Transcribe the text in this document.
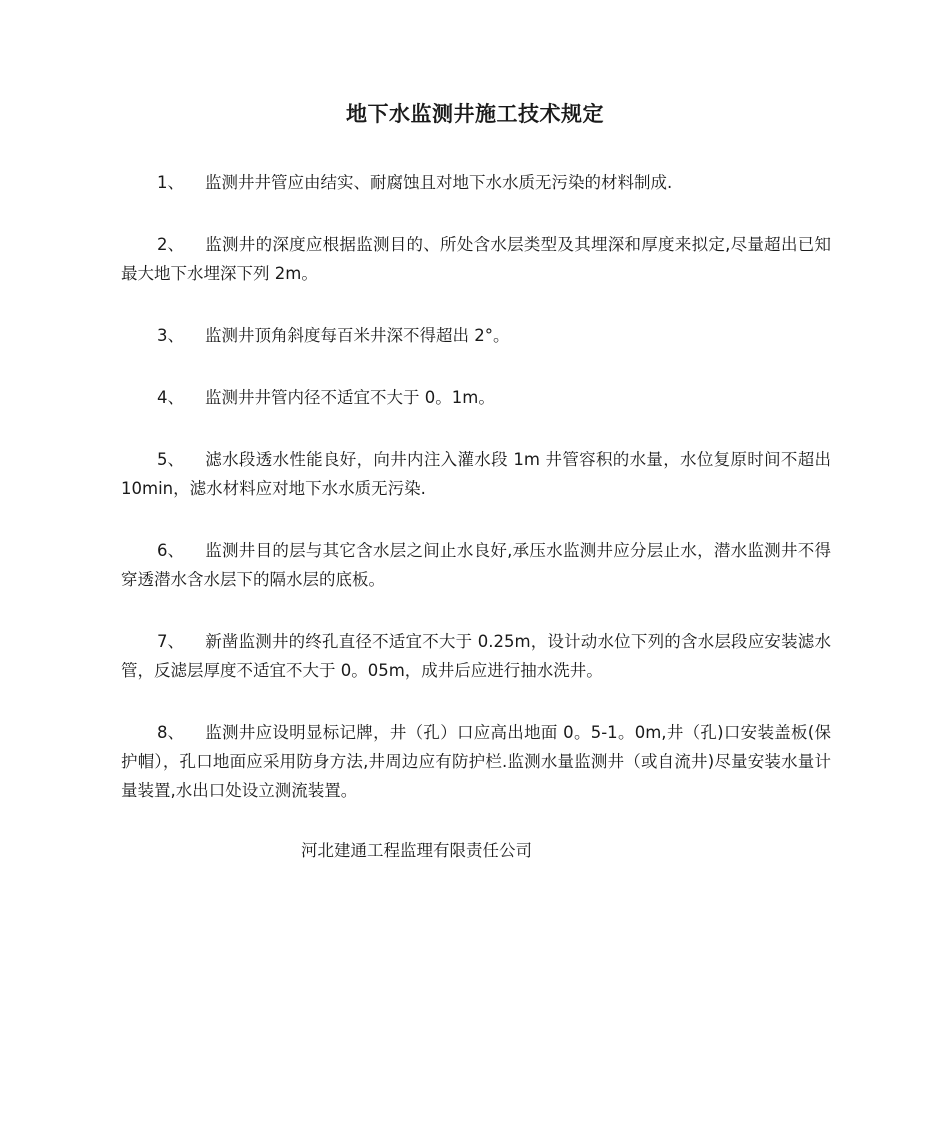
地下水监测井施工技术规定

1、 监测井井管应由结实、耐腐蚀且对地下水水质无污染的材料制成.

2、 监测井的深度应根据监测目的、所处含水层类型及其埋深和厚度来拟定,尽量超出已知最大地下水埋深下列 2m。

3、 监测井顶角斜度每百米井深不得超出 2°。

4、 监测井井管内径不适宜不大于 0。1m。

5、 滤水段透水性能良好，向井内注入灌水段 1m 井管容积的水量，水位复原时间不超出 10min，滤水材料应对地下水水质无污染.

6、 监测井目的层与其它含水层之间止水良好,承压水监测井应分层止水，潜水监测井不得穿透潜水含水层下的隔水层的底板。

7、 新凿监测井的终孔直径不适宜不大于 0.25m，设计动水位下列的含水层段应安装滤水管，反滤层厚度不适宜不大于 0。05m，成井后应进行抽水洗井。

8、 监测井应设明显标记牌，井（孔）口应高出地面 0。5-1。0m,井（孔)口安装盖板(保护帽），孔口地面应采用防身方法,井周边应有防护栏.监测水量监测井（或自流井)尽量安装水量计量装置,水出口处设立测流装置。

河北建通工程监理有限责任公司
